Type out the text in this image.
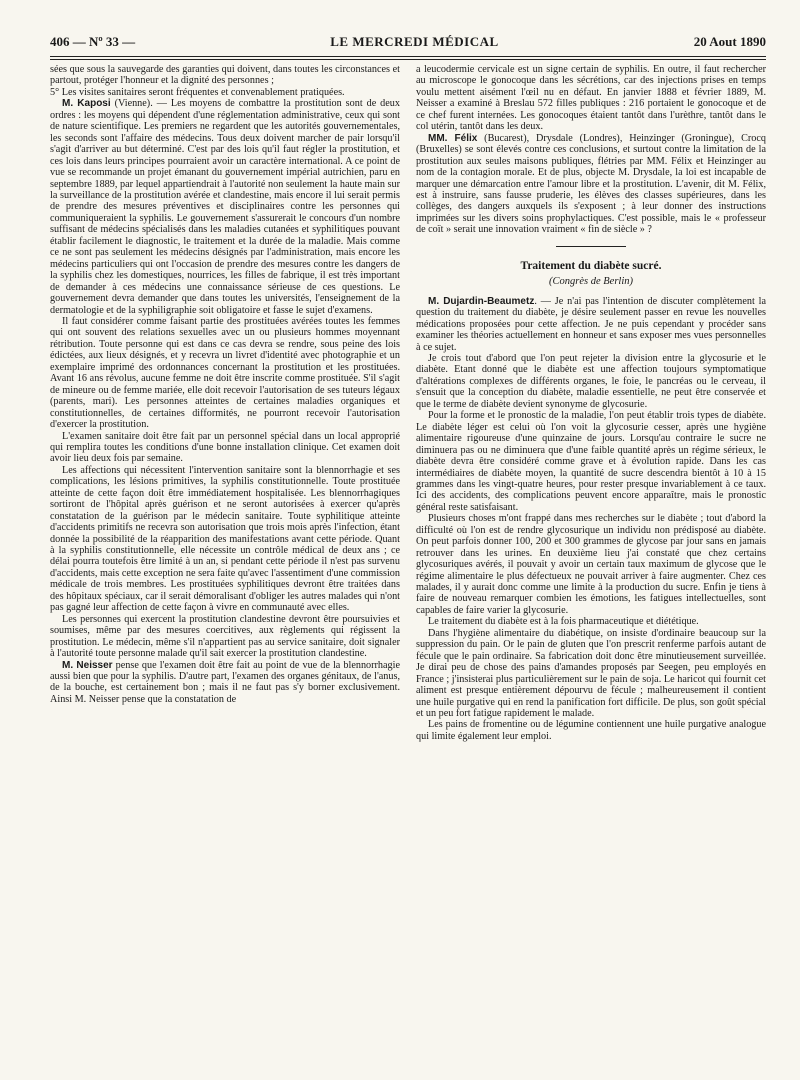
406 — Nº 33 —	LE MERCREDI MÉDICAL	20 Aout 1890

sées que sous la sauvegarde des garanties qui doivent, dans toutes les circonstances et partout, protéger l'honneur et la dignité des personnes ;

5° Les visites sanitaires seront fréquentes et convenablement pratiquées.

M. Kaposi (Vienne). — Les moyens de combattre la prostitution sont de deux ordres : les moyens qui dépendent d'une réglementation administrative, ceux qui sont de nature scientifique. Les premiers ne regardent que les autorités gouvernementales, les seconds sont l'affaire des médecins. Tous deux doivent marcher de pair lorsqu'il s'agit d'arriver au but déterminé. C'est par des lois qu'il faut régler la prostitution, et ces lois dans leurs principes pourraient avoir un caractère international. A ce point de vue se recommande un projet émanant du gouvernement impérial autrichien, paru en septembre 1889, par lequel appartiendrait à l'autorité non seulement la haute main sur la surveillance de la prostitution avérée et clandestine, mais encore il lui serait permis de prendre des mesures préventives et disciplinaires contre les personnes qui communiqueraient la syphilis. Le gouvernement s'assurerait le concours d'un nombre suffisant de médecins spécialisés dans les maladies cutanées et syphilitiques pouvant établir facilement le diagnostic, le traitement et la durée de la maladie. Mais comme ce ne sont pas seulement les médecins désignés par l'administration, mais encore les médecins particuliers qui ont l'occasion de prendre des mesures contre les dangers de la syphilis chez les domestiques, nourrices, les filles de fabrique, il est très important de demander à ces médecins une connaissance sérieuse de ces questions. Le gouvernement devra demander que dans toutes les universités, l'enseignement de la dermatologie et de la syphiligraphie soit obligatoire et fasse le sujet d'examens.

Il faut considérer comme faisant partie des prostituées avérées toutes les femmes qui ont souvent des relations sexuelles avec un ou plusieurs hommes moyennant rétribution. Toute personne qui est dans ce cas devra se rendre, sous peine des lois édictées, aux lieux désignés, et y recevra un livret d'identité avec photographie et un exemplaire imprimé des ordonnances concernant la prostitution et les prostituées. Avant 16 ans révolus, aucune femme ne doit être inscrite comme prostituée. S'il s'agit de mineure ou de femme mariée, elle doit recevoir l'autorisation de ses tuteurs légaux (parents, mari). Les personnes atteintes de certaines maladies organiques et constitutionnelles, de certaines difformités, ne pourront recevoir l'autorisation d'exercer la prostitution.

L'examen sanitaire doit être fait par un personnel spécial dans un local approprié qui remplira toutes les conditions d'une bonne installation clinique. Cet examen doit avoir lieu deux fois par semaine.

Les affections qui nécessitent l'intervention sanitaire sont la blennorrhagie et ses complications, les lésions primitives, la syphilis constitutionnelle. Toute prostituée atteinte de cette façon doit être immédiatement hospitalisée. Les blennorrhagiques sortiront de l'hôpital après guérison et ne seront autorisées à exercer qu'après constatation de la guérison par le médecin sanitaire. Toute syphilitique atteinte d'accidents primitifs ne recevra son autorisation que trois mois après l'infection, étant donnée la possibilité de la réapparition des manifestations avant cette période. Quant à la syphilis constitutionnelle, elle nécessite un contrôle médical de deux ans ; ce délai pourra toutefois être limité à un an, si pendant cette période il n'est pas survenu d'accidents, mais cette exception ne sera faite qu'avec l'assentiment d'une commission médicale de trois membres. Les prostituées syphilitiques devront être traitées dans des hôpitaux spéciaux, car il serait démoralisant d'obliger les autres malades qui n'ont pas gagné leur affection de cette façon à vivre en communauté avec elles.

Les personnes qui exercent la prostitution clandestine devront être poursuivies et soumises, même par des mesures coercitives, aux règlements qui régissent la prostitution. Le médecin, même s'il n'appartient pas au service sanitaire, doit signaler à l'autorité toute personne malade qu'il sait exercer la prostitution clandestine.

M. Neisser pense que l'examen doit être fait au point de vue de la blennorrhagie aussi bien que pour la syphilis. D'autre part, l'examen des organes génitaux, de l'anus, de la bouche, est certainement bon ; mais il ne faut pas s'y borner exclusivement. Ainsi M. Neisser pense que la constatation de

a leucodermie cervicale est un signe certain de syphilis. En outre, il faut rechercher au microscope le gonocoque dans les sécrétions, car des injections prises en temps voulu mettent aisément l'œil nu en défaut. En janvier 1888 et février 1889, M. Neisser a examiné à Breslau 572 filles publiques : 216 portaient le gonocoque et de ce chef furent internées. Les gonocoques étaient tantôt dans l'urèthre, tantôt dans le col utérin, tantôt dans les deux.

MM. Félix (Bucarest), Drysdale (Londres), Heinzinger (Groningue), Crocq (Bruxelles) se sont élevés contre ces conclusions, et surtout contre la limitation de la prostitution aux seules maisons publiques, flétries par MM. Félix et Heinzinger au nom de la contagion morale. Et de plus, objecte M. Drysdale, la loi est incapable de marquer une démarcation entre l'amour libre et la prostitution. L'avenir, dit M. Félix, est à instruire, sans fausse pruderie, les élèves des classes supérieures, dans les collèges, des dangers auxquels ils s'exposent ; à leur donner des instructions imprimées sur les divers soins prophylactiques. C'est possible, mais le « professeur de coït » serait une innovation vraiment « fin de siècle » ?

Traitement du diabète sucré.
(Congrès de Berlin)

M. Dujardin-Beaumetz. — Je n'ai pas l'intention de discuter complètement la question du traitement du diabète, je désire seulement passer en revue les nouvelles médications proposées pour cette affection. Je ne puis cependant y procéder sans examiner les théories actuellement en honneur et sans exposer mes vues personnelles à ce sujet.

Je crois tout d'abord que l'on peut rejeter la division entre la glycosurie et le diabète. Etant donné que le diabète est une affection toujours symptomatique d'altérations complexes de différents organes, le foie, le pancréas ou le cerveau, il s'ensuit que la conception du diabète, maladie essentielle, ne peut être conservée et que le terme de diabète devient synonyme de glycosurie.

Pour la forme et le pronostic de la maladie, l'on peut établir trois types de diabète. Le diabète léger est celui où l'on voit la glycosurie cesser, après une hygiène alimentaire rigoureuse d'une quinzaine de jours. Lorsqu'au contraire le sucre ne diminuera pas ou ne diminuera que d'une faible quantité après un régime sérieux, le diabète devra être considéré comme grave et à évolution rapide. Dans les cas intermédiaires de diabète moyen, la quantité de sucre descendra bientôt à 10 à 15 grammes dans les vingt-quatre heures, pour rester presque invariablement à ce taux. Ici des accidents, des complications peuvent encore apparaître, mais le pronostic général reste satisfaisant.

Plusieurs choses m'ont frappé dans mes recherches sur le diabète ; tout d'abord la difficulté où l'on est de rendre glycosurique un individu non prédisposé au diabète. On peut parfois donner 100, 200 et 300 grammes de glycose par jour sans en jamais retrouver dans les urines. En deuxième lieu j'ai constaté que chez certains glycosuriques avérés, il pouvait y avoir un certain taux maximum de glycose que le régime alimentaire le plus défectueux ne pouvait arriver à faire augmenter. Chez ces malades, il y aurait donc comme une limite à la production du sucre. Enfin je tiens à faire de nouveau remarquer combien les émotions, les fatigues intellectuelles, sont capables de faire varier la glycosurie.

Le traitement du diabète est à la fois pharmaceutique et diététique.

Dans l'hygiène alimentaire du diabétique, on insiste d'ordinaire beaucoup sur la suppression du pain. Or le pain de gluten que l'on prescrit renferme parfois autant de fécule que le pain ordinaire. Sa fabrication doit donc être minutieusement surveillée. Je dirai peu de chose des pains d'amandes proposés par Seegen, peu employés en France ; j'insisterai plus particulièrement sur le pain de soja. Le haricot qui fournit cet aliment est presque entièrement dépourvu de fécule ; malheureusement il contient une huile purgative qui en rend la panification fort difficile. De plus, son goût spécial et un peu fort fatigue rapidement le malade.

Les pains de fromentine ou de légumine contiennent une huile purgative analogue qui limite également leur emploi.
